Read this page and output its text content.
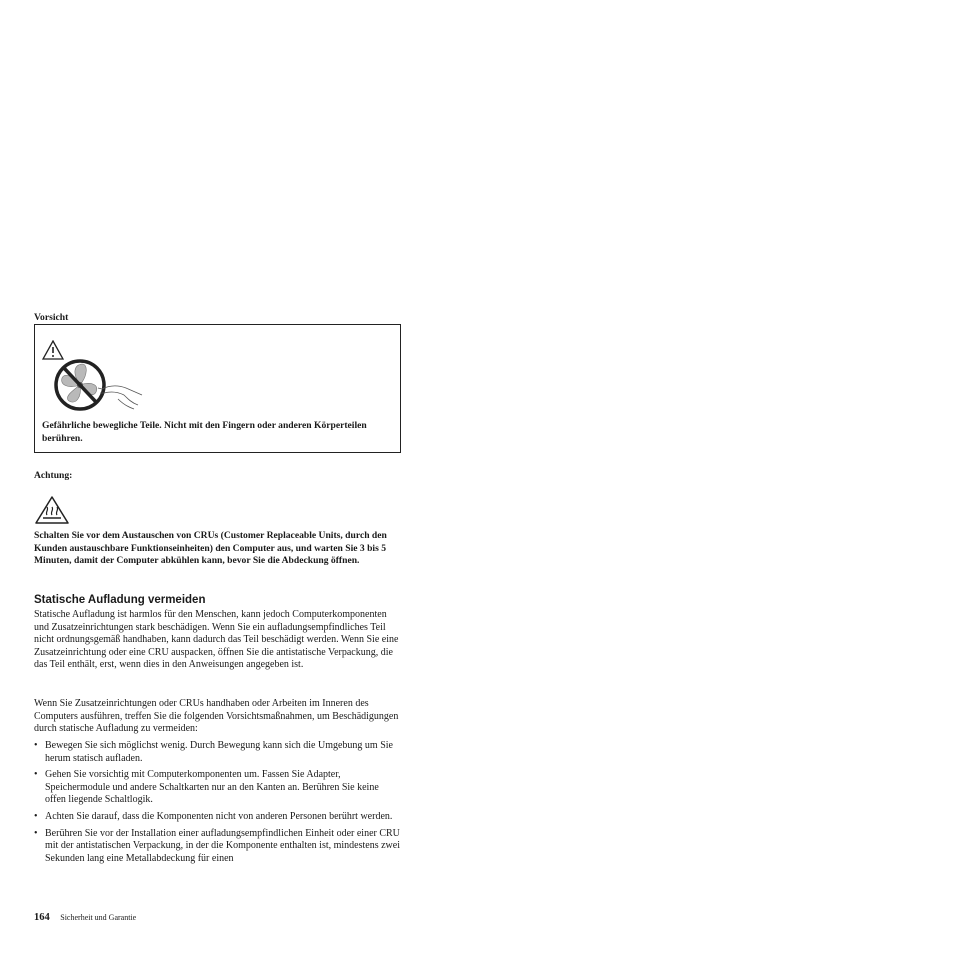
Vorsicht
Gefährliche bewegliche Teile. Nicht mit den Fingern oder anderen Körperteilen berühren.
Achtung:
Schalten Sie vor dem Austauschen von CRUs (Customer Replaceable Units, durch den Kunden austauschbare Funktionseinheiten) den Computer aus, und warten Sie 3 bis 5 Minuten, damit der Computer abkühlen kann, bevor Sie die Abdeckung öffnen.
Statische Aufladung vermeiden
Statische Aufladung ist harmlos für den Menschen, kann jedoch Computerkomponenten und Zusatzeinrichtungen stark beschädigen. Wenn Sie ein aufladungsempfindliches Teil nicht ordnungsgemäß handhaben, kann dadurch das Teil beschädigt werden. Wenn Sie eine Zusatzeinrichtung oder eine CRU auspacken, öffnen Sie die antistatische Verpackung, die das Teil enthält, erst, wenn dies in den Anweisungen angegeben ist.
Wenn Sie Zusatzeinrichtungen oder CRUs handhaben oder Arbeiten im Inneren des Computers ausführen, treffen Sie die folgenden Vorsichtsmaßnahmen, um Beschädigungen durch statische Aufladung zu vermeiden:
• Bewegen Sie sich möglichst wenig. Durch Bewegung kann sich die Umgebung um Sie herum statisch aufladen.
• Gehen Sie vorsichtig mit Computerkomponenten um. Fassen Sie Adapter, Speichermodule und andere Schaltkarten nur an den Kanten an. Berühren Sie keine offen liegende Schaltlogik.
• Achten Sie darauf, dass die Komponenten nicht von anderen Personen berührt werden.
• Berühren Sie vor der Installation einer aufladungsempfindlichen Einheit oder einer CRU mit der antistatischen Verpackung, in der die Komponente enthalten ist, mindestens zwei Sekunden lang eine Metallabdeckung für einen
164 Sicherheit und Garantie
